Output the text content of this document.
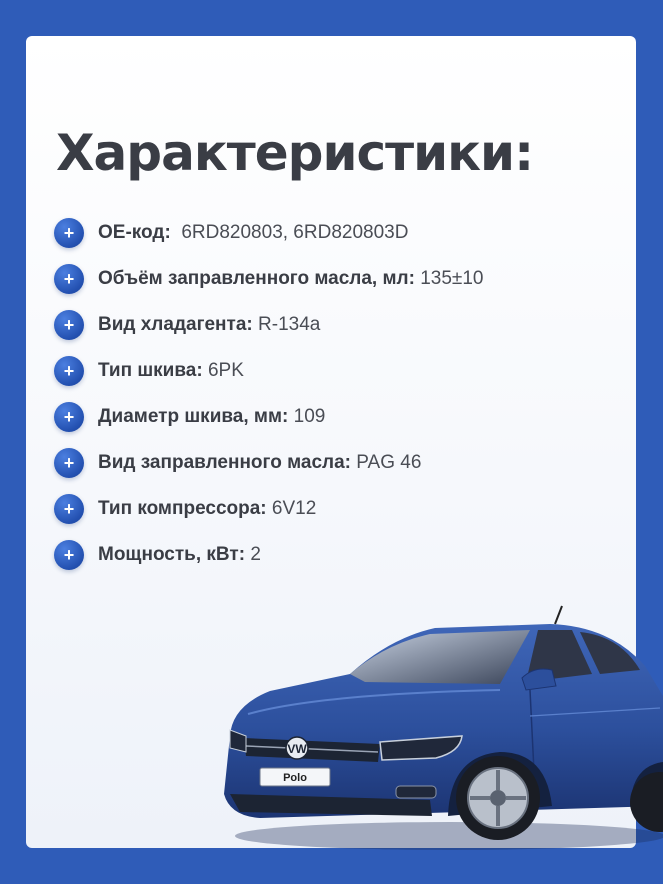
Характеристики:
+	ОЕ-код: 6RD820803, 6RD820803D
+	Объём заправленного масла, мл: 135±10
+	Вид хладагента: R-134a
+	Тип шкива: 6PK
+	Диаметр шкива, мм: 109
+	Вид заправленного масла: PAG 46
+	Тип компрессора: 6V12
+	Мощность, кВт: 2
VW
Polo
